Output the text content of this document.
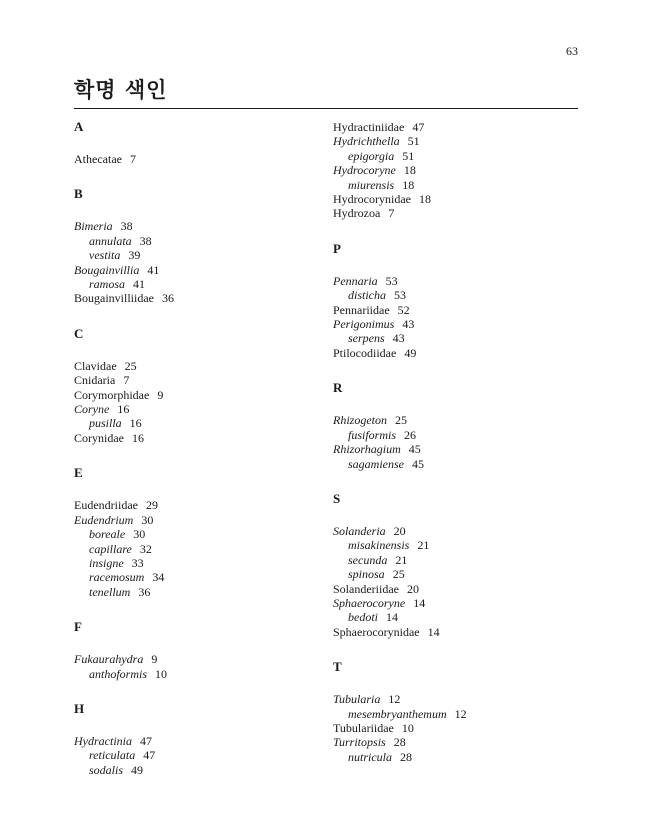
63
학명 색인
A
Athecatae 7
B
Bimeria 38
annulata 38
vestita 39
Bougainvillia 41
ramosa 41
Bougainvilliidae 36
C
Clavidae 25
Cnidaria 7
Corymorphidae 9
Coryne 16
pusilla 16
Corynidae 16
E
Eudendriidae 29
Eudendrium 30
boreale 30
capillare 32
insigne 33
racemosum 34
tenellum 36
F
Fukaurahydra 9
anthoformis 10
H
Hydractinia 47
reticulata 47
sodalis 49
Hydractiniidae 47
Hydrichthella 51
epigorgia 51
Hydrocoryne 18
miurensis 18
Hydrocorynidae 18
Hydrozoa 7
P
Pennaria 53
disticha 53
Pennariidae 52
Perigonimus 43
serpens 43
Ptilocodiidae 49
R
Rhizogeton 25
fusiformis 26
Rhizorhagium 45
sagamiense 45
S
Solanderia 20
misakinensis 21
secunda 21
spinosa 25
Solanderiidae 20
Sphaerocoryne 14
bedoti 14
Sphaerocorynidae 14
T
Tubularia 12
mesembryanthemum 12
Tubulariidae 10
Turritopsis 28
nutricula 28
